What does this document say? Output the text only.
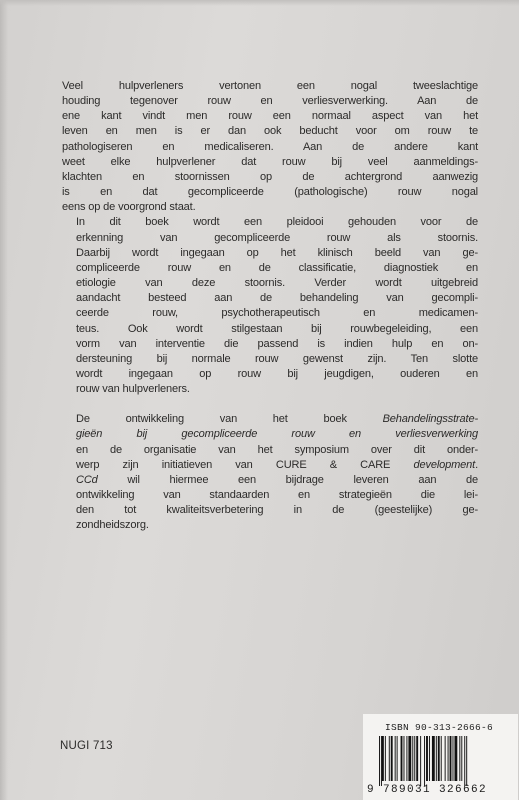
Veel hulpverleners vertonen een nogal tweeslachtige
houding tegenover rouw en verliesverwerking. Aan de
ene kant vindt men rouw een normaal aspect van het
leven en men is er dan ook beducht voor om rouw te
pathologiseren en medicaliseren. Aan de andere kant
weet elke hulpverlener dat rouw bij veel aanmeldings-
klachten en stoornissen op de achtergrond aanwezig
is en dat gecompliceerde (pathologische) rouw nogal
eens op de voorgrond staat.

In dit boek wordt een pleidooi gehouden voor de
erkenning van gecompliceerde rouw als stoornis.
Daarbij wordt ingegaan op het klinisch beeld van ge-
compliceerde rouw en de classificatie, diagnostiek en
etiologie van deze stoornis. Verder wordt uitgebreid
aandacht besteed aan de behandeling van gecompli-
ceerde rouw, psychotherapeutisch en medicamen-
teus. Ook wordt stilgestaan bij rouwbegeleiding, een
vorm van interventie die passend is indien hulp en on-
dersteuning bij normale rouw gewenst zijn. Ten slotte
wordt ingegaan op rouw bij jeugdigen, ouderen en
rouw van hulpverleners.

De ontwikkeling van het boek Behandelingsstrate-
gieën bij gecompliceerde rouw en verliesverwerking
en de organisatie van het symposium over dit onder-
werp zijn initiatieven van CURE & CARE development.
CCd wil hiermee een bijdrage leveren aan de
ontwikkeling van standaarden en strategieën die lei-
den tot kwaliteitsverbetering in de (geestelijke) ge-
zondheidszorg.

NUGI 713
ISBN 90-313-2666-6
9 789031 326662
